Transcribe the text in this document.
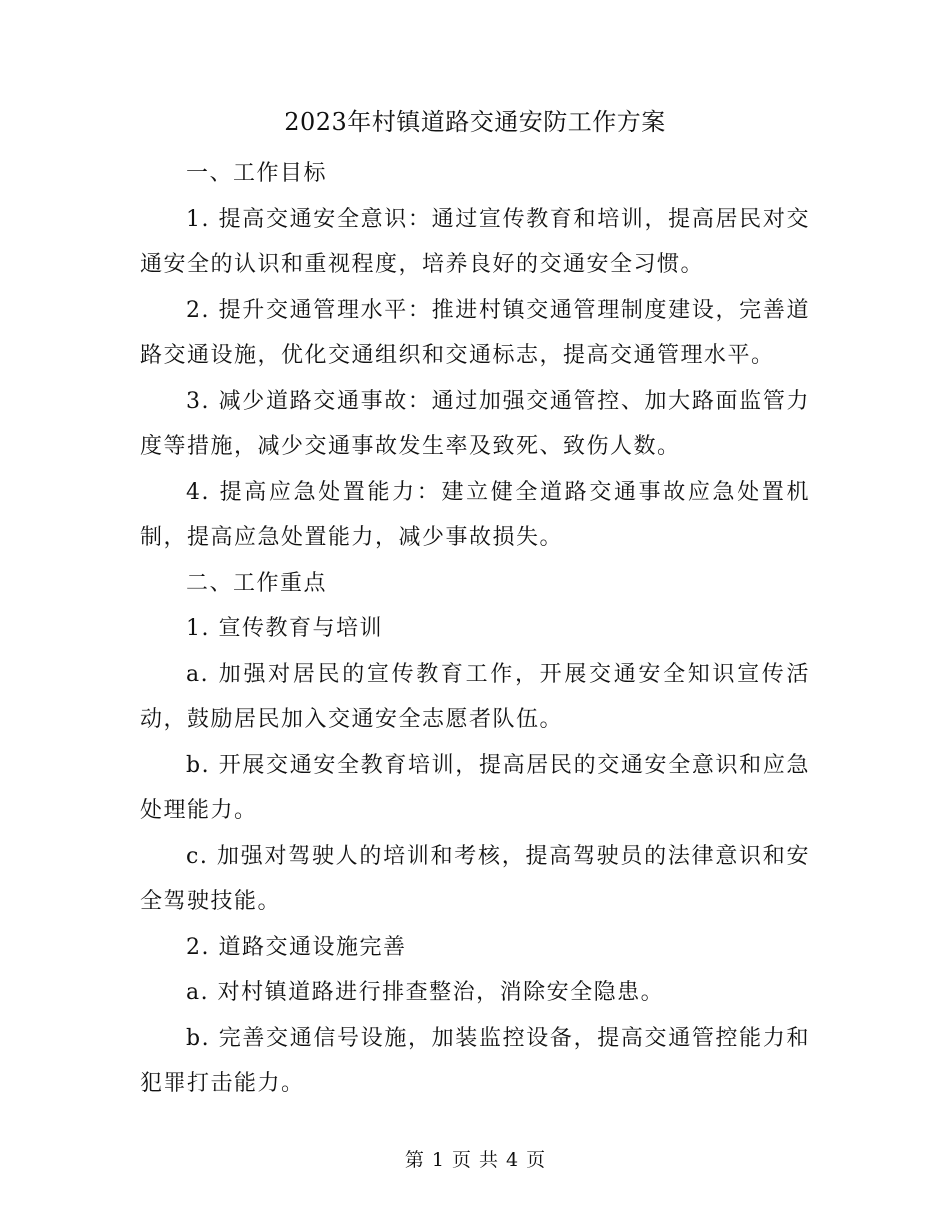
2023年村镇道路交通安防工作方案

一、工作目标

1. 提高交通安全意识：通过宣传教育和培训，提高居民对交通安全的认识和重视程度，培养良好的交通安全习惯。

2. 提升交通管理水平：推进村镇交通管理制度建设，完善道路交通设施，优化交通组织和交通标志，提高交通管理水平。

3. 减少道路交通事故：通过加强交通管控、加大路面监管力度等措施，减少交通事故发生率及致死、致伤人数。

4. 提高应急处置能力：建立健全道路交通事故应急处置机制，提高应急处置能力，减少事故损失。

二、工作重点

1. 宣传教育与培训

a. 加强对居民的宣传教育工作，开展交通安全知识宣传活动，鼓励居民加入交通安全志愿者队伍。

b. 开展交通安全教育培训，提高居民的交通安全意识和应急处理能力。

c. 加强对驾驶人的培训和考核，提高驾驶员的法律意识和安全驾驶技能。

2. 道路交通设施完善

a. 对村镇道路进行排查整治，消除安全隐患。

b. 完善交通信号设施，加装监控设备，提高交通管控能力和犯罪打击能力。

第 1 页 共 4 页
